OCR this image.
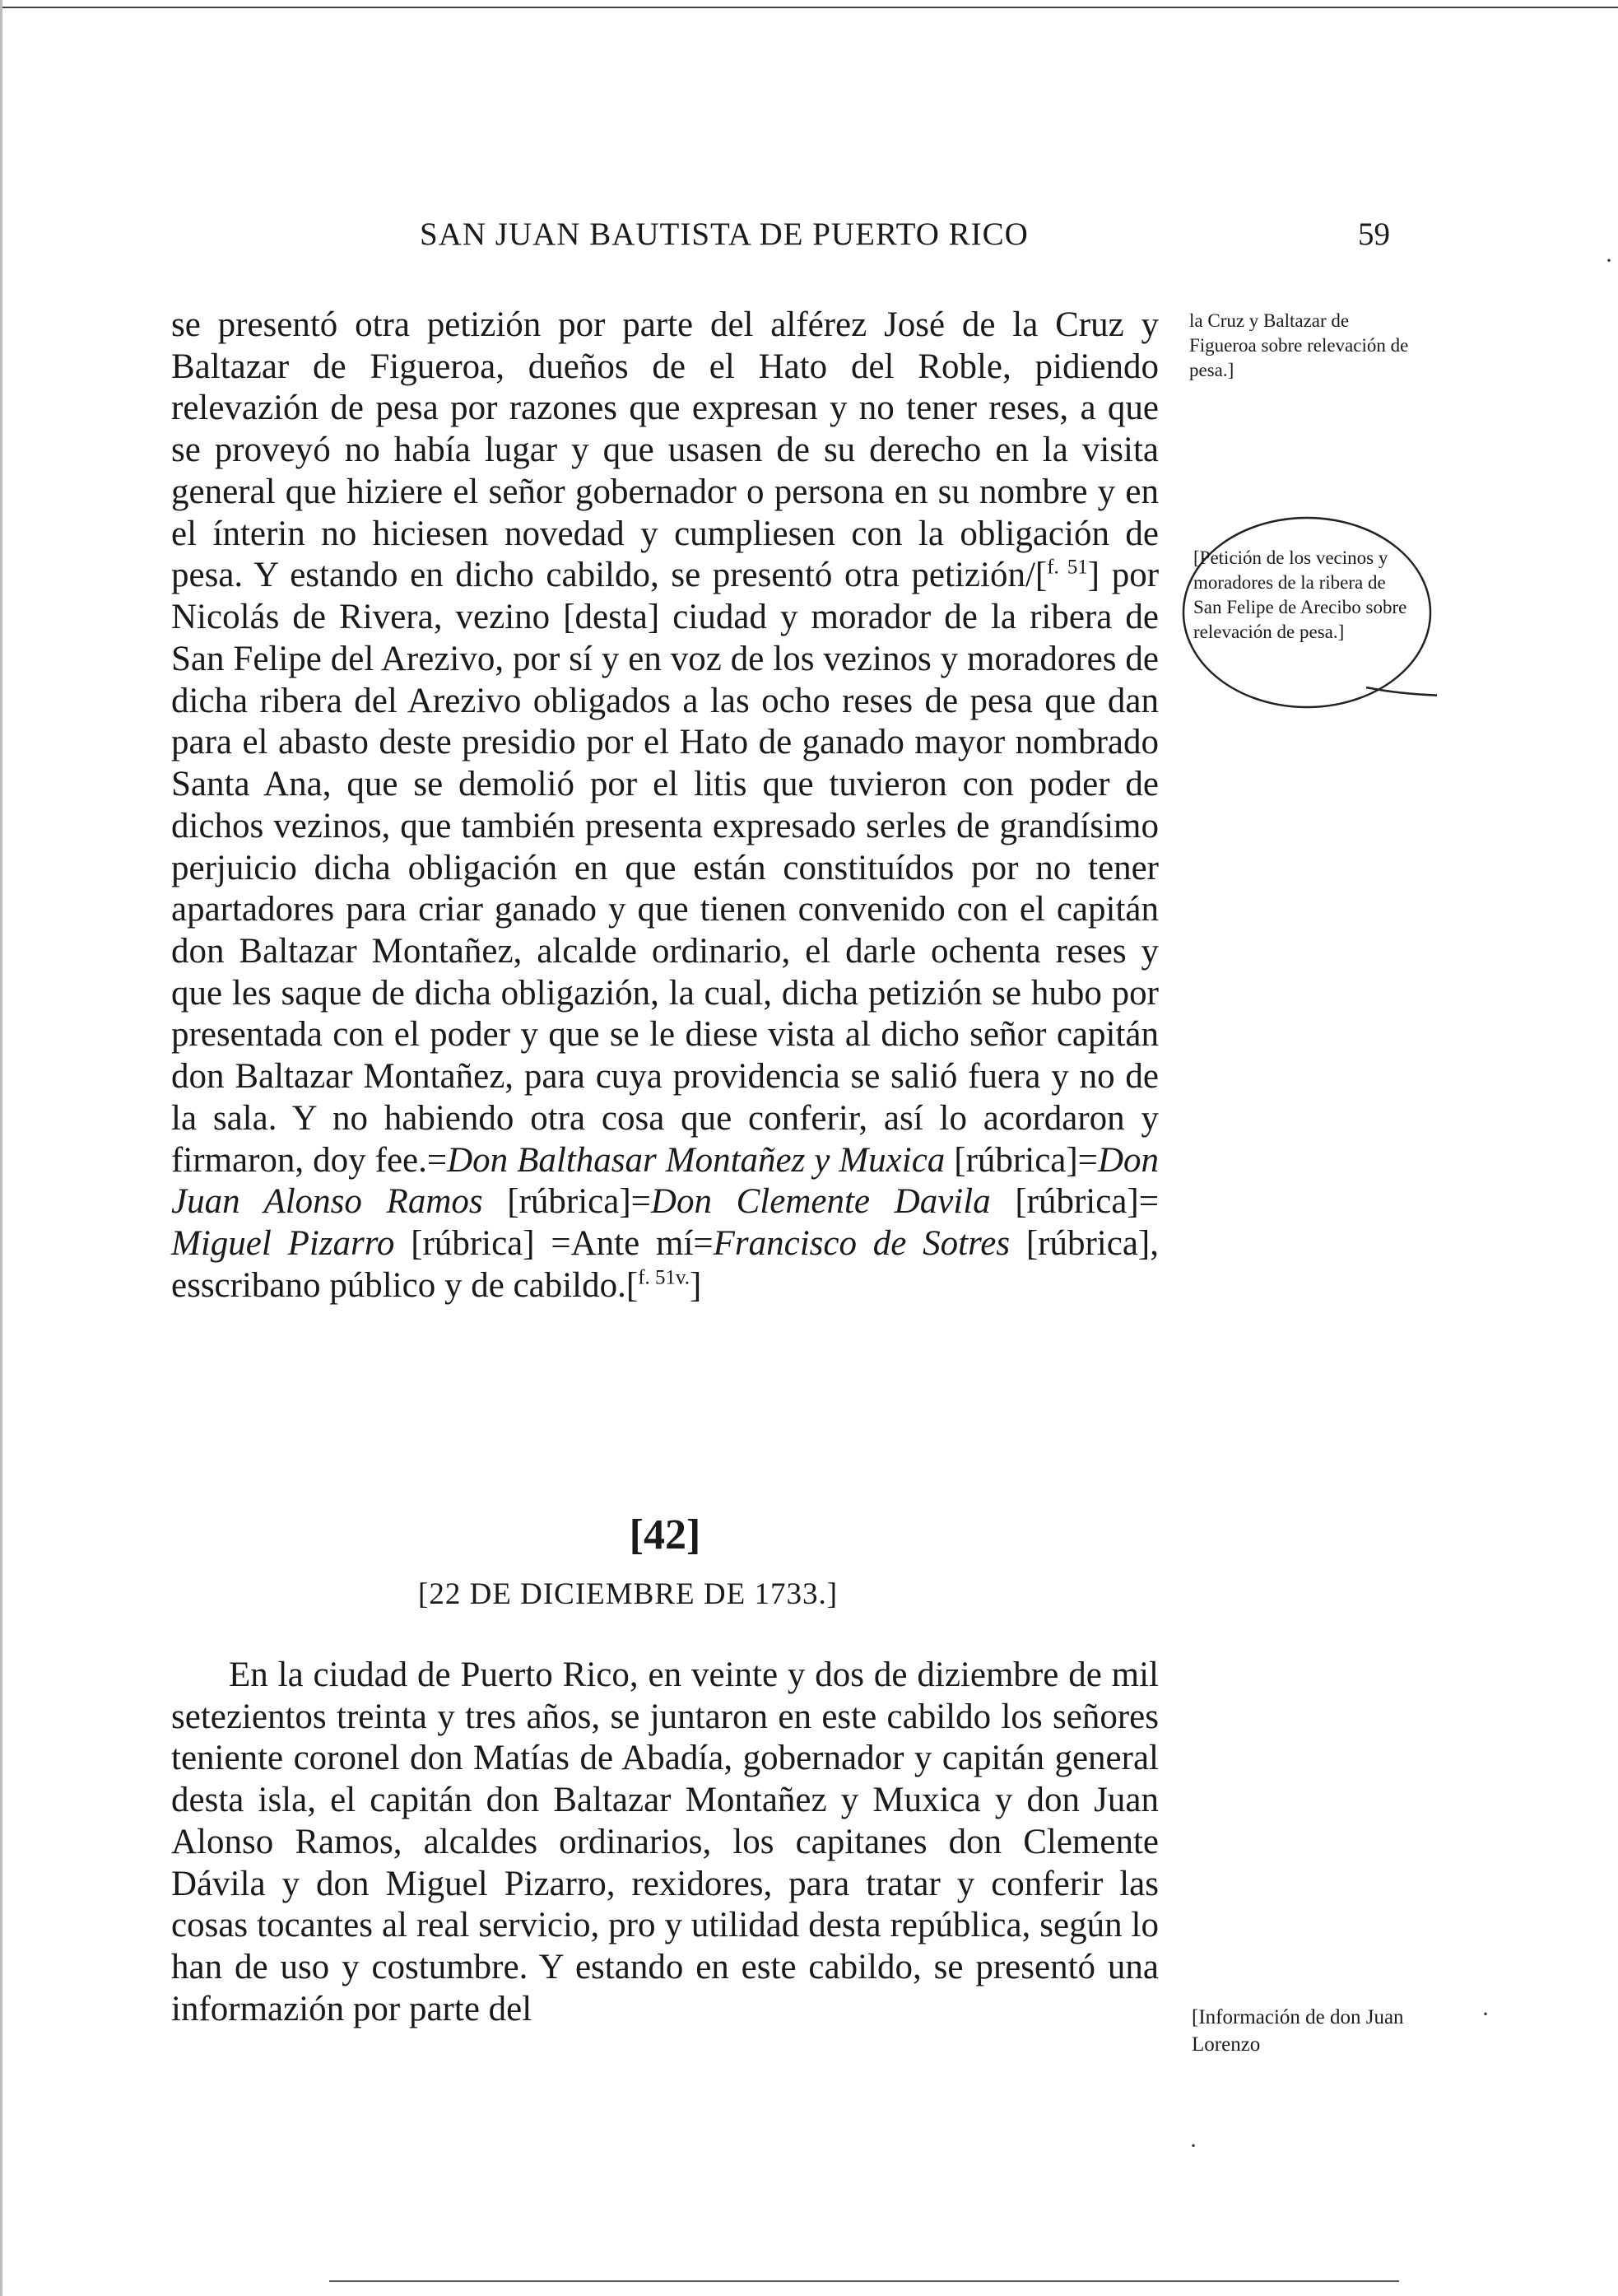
SAN JUAN BAUTISTA DE PUERTO RICO	59

se presentó otra petizión por parte del alférez José de la Cruz y Baltazar de Figueroa, dueños de el Hato del Roble, pidiendo relevazión de pesa por razones que expresan y no tener reses, a que se proveyó no había lugar y que usasen de su derecho en la visita general que hiziere el señor gobernador o persona en su nombre y en el ínterin no hiciesen novedad y cumpliesen con la obligación de pesa. Y estando en dicho cabildo, se presentó otra petizión/[$^{f. 51}$] por Nicolás de Rivera, vezino [desta] ciudad y morador de la ribera de San Felipe del Arezivo, por sí y en voz de los vezinos y moradores de dicha ribera del Arezivo obligados a las ocho reses de pesa que dan para el abasto deste presidio por el Hato de ganado mayor nombrado Santa Ana, que se demolió por el litis que tuvieron con poder de dichos vezinos, que también presenta expresado serles de grandísimo perjuicio dicha obligación en que están constituídos por no tener apartadores para criar ganado y que tienen convenido con el capitán don Baltazar Montañez, alcalde ordinario, el darle ochenta reses y que les saque de dicha obligazión, la cual, dicha petizión se hubo por presentada con el poder y que se le diese vista al dicho señor capitán don Baltazar Montañez, para cuya providencia se salió fuera y no de la sala. Y no habiendo otra cosa que conferir, así lo acordaron y firmaron, doy fee.=Don Balthasar Montañez y Muxica [rúbrica]=Don Juan Alonso Ramos [rúbrica]=Don Clemente Davila [rúbrica]= Miguel Pizarro [rúbrica] =Ante mí=Francisco de Sotres [rúbrica], esscribano público y de cabildo.[$^{f. 51v.}$]

[42]
[22 DE DICIEMBRE DE 1733.]

En la ciudad de Puerto Rico, en veinte y dos de diziembre de mil setezientos treinta y tres años, se juntaron en este cabildo los señores teniente coronel don Matías de Abadía, gobernador y capitán general desta isla, el capitán don Baltazar Montañez y Muxica y don Juan Alonso Ramos, alcaldes ordinarios, los capitanes don Clemente Dávila y don Miguel Pizarro, rexidores, para tratar y conferir las cosas tocantes al real servicio, pro y utilidad desta república, según lo han de uso y costumbre. Y estando en este cabildo, se presentó una informazión por parte del

la Cruz y Baltazar de Figueroa sobre relevación de pesa.]
[Petición de los vecinos y moradores de la ribera de San Felipe de Arecibo sobre relevación de pesa.]
[Información de don Juan Lorenzo
·
·
·
